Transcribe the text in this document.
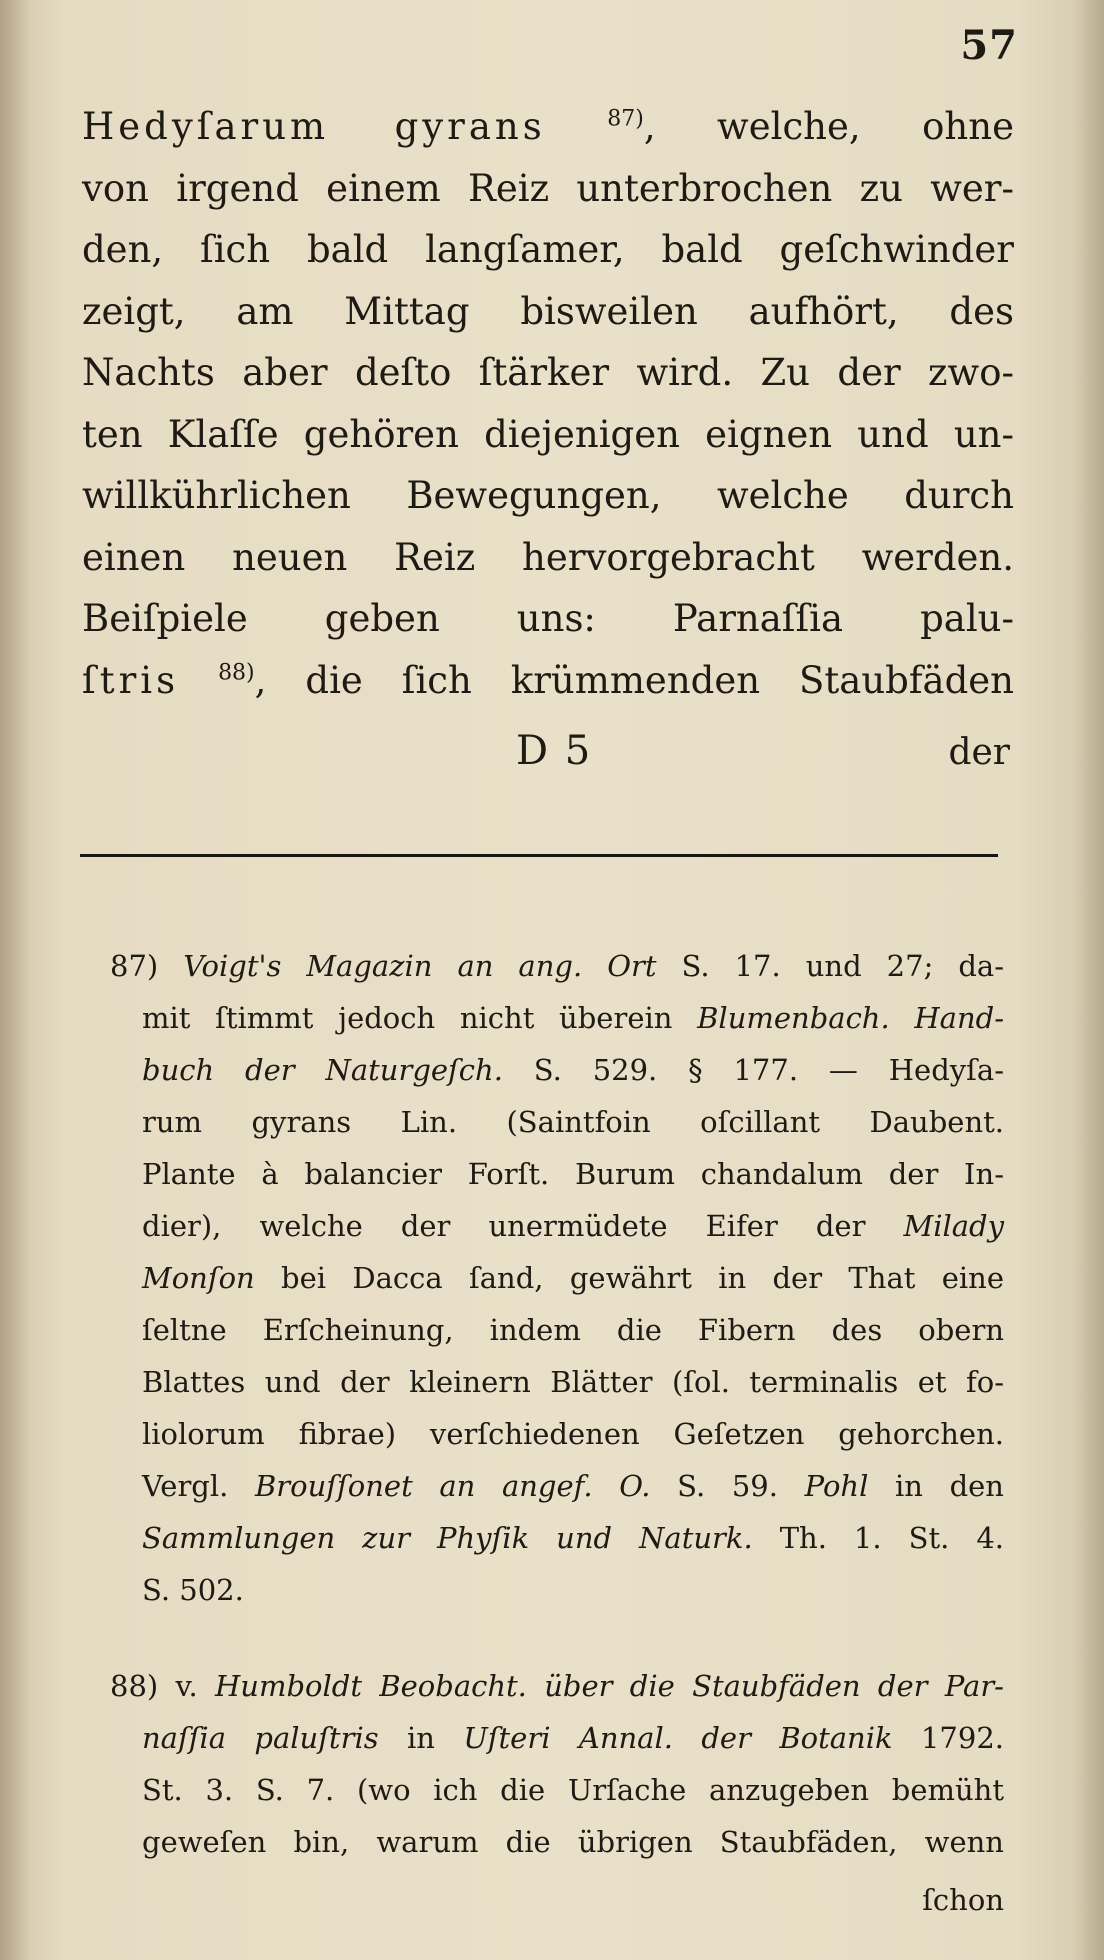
57
Hedyſarum gyrans	$^{87)}$, welche, ohne
von irgend einem Reiz unterbrochen zu wer-
den, ſich bald langſamer, bald geſchwinder
zeigt, am Mittag bisweilen aufhört, des
Nachts aber deſto ſtärker wird. Zu der zwo-
ten Klaſſe gehören diejenigen eignen und un-
willkührlichen Bewegungen, welche durch
einen neuen Reiz hervorgebracht werden.
Beiſpiele geben uns: Parnaſſia palu-
ſtris $^{88)}$, die ſich krümmenden Staubfäden
D 5	der
87) Voigt's Magazin an ang. Ort S. 17. und 27; da-
mit ſtimmt jedoch nicht überein Blumenbach. Hand-
buch der Naturgeſch. S. 529. § 177. — Hedyſa-
rum gyrans Lin. (Saintfoin oſcillant Daubent.
Plante à balancier Forſt. Burum chandalum der In-
dier), welche der unermüdete Eifer der Milady
Monſon bei Dacca ſand, gewährt in der That eine
ſeltne Erſcheinung, indem die Fibern des obern
Blattes und der kleinern Blätter (ſol. terminalis et fo-
liolorum fibrae) verſchiedenen Geſetzen gehorchen.
Vergl. Brouſſonet an angef. O. S. 59. Pohl in den
Sammlungen zur Phyſik und Naturk. Th. 1. St. 4.
S. 502.
88) v. Humboldt Beobacht. über die Staubfäden der Par-
naſſia paluſtris in Uſteri Annal. der Botanik 1792.
St. 3. S. 7. (wo ich die Urſache anzugeben bemüht
geweſen bin, warum die übrigen Staubfäden, wenn
ſchon
